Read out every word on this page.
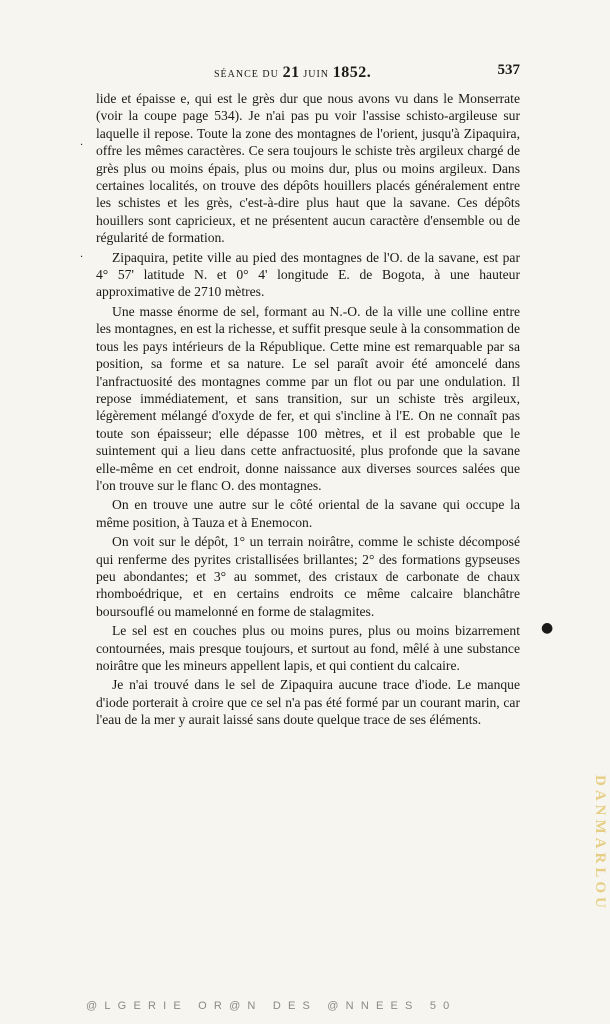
SÉANCE DU 21 JUIN 1852.	537

lide et épaisse e, qui est le grès dur que nous avons vu dans le Monserrate (voir la coupe page 534). Je n'ai pas pu voir l'assise schisto-argileuse sur laquelle il repose. Toute la zone des montagnes de l'orient, jusqu'à Zipaquira, offre les mêmes caractères. Ce sera toujours le schiste très argileux chargé de grès plus ou moins épais, plus ou moins dur, plus ou moins argileux. Dans certaines localités, on trouve des dépôts houillers placés généralement entre les schistes et les grès, c'est-à-dire plus haut que la savane. Ces dépôts houillers sont capricieux, et ne présentent aucun caractère d'ensemble ou de régularité de formation.

Zipaquira, petite ville au pied des montagnes de l'O. de la savane, est par 4° 57' latitude N. et 0° 4' longitude E. de Bogota, à une hauteur approximative de 2710 mètres.

Une masse énorme de sel, formant au N.-O. de la ville une colline entre les montagnes, en est la richesse, et suffit presque seule à la consommation de tous les pays intérieurs de la République. Cette mine est remarquable par sa position, sa forme et sa nature. Le sel paraît avoir été amoncelé dans l'anfractuosité des montagnes comme par un flot ou par une ondulation. Il repose immédiatement, et sans transition, sur un schiste très argileux, légèrement mélangé d'oxyde de fer, et qui s'incline à l'E. On ne connaît pas toute son épaisseur; elle dépasse 100 mètres, et il est probable que le suintement qui a lieu dans cette anfractuosité, plus profonde que la savane elle-même en cet endroit, donne naissance aux diverses sources salées que l'on trouve sur le flanc O. des montagnes.

On en trouve une autre sur le côté oriental de la savane qui occupe la même position, à Tauza et à Enemocon.

On voit sur le dépôt, 1° un terrain noirâtre, comme le schiste décomposé qui renferme des pyrites cristallisées brillantes; 2° des formations gypseuses peu abondantes; et 3° au sommet, des cristaux de carbonate de chaux rhomboédrique, et en certains endroits ce même calcaire blanchâtre boursouflé ou mamelonné en forme de stalagmites.

Le sel est en couches plus ou moins pures, plus ou moins bizarrement contournées, mais presque toujours, et surtout au fond, mêlé à une substance noirâtre que les mineurs appellent lapis, et qui contient du calcaire.

Je n'ai trouvé dans le sel de Zipaquira aucune trace d'iode. Le manque d'iode porterait à croire que ce sel n'a pas été formé par un courant marin, car l'eau de la mer y aurait laissé sans doute quelque trace de ses éléments.

·
·
●
DANMARLOU
@LGERIE OR@N DES @NNEES 50
